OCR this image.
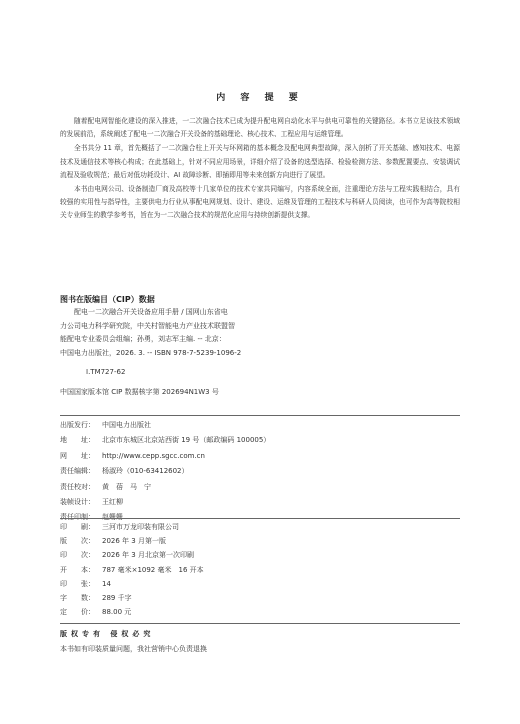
内 容 提 要

随着配电网智能化建设的深入推进，一二次融合技术已成为提升配电网自动化水平与供电可靠性的关键路径。本书立足该技术领域的发展前沿，系统阐述了配电一二次融合开关设备的基础理论、核心技术、工程应用与运维管理。

全书共分 11 章，首先概括了一二次融合柱上开关与环网箱的基本概念及配电网典型故障，深入剖析了开关基础、感知技术、电源技术及通信技术等核心构成；在此基础上，针对不同应用场景，详细介绍了设备的选型选择、检验检测方法、参数配置要点、安装调试流程及验收规范；最后对低功耗设计、AI 故障诊断、即插即用等未来创新方向进行了展望。

本书由电网公司、设备制造厂商及高校等十几家单位的技术专家共同编写，内容系统全面，注重理论方法与工程实践相结合，具有较强的实用性与指导性，主要供电力行业从事配电网规划、设计、建设、运维及管理的工程技术与科研人员阅读，也可作为高等院校相关专业师生的教学参考书，旨在为一二次融合技术的规范化应用与持续创新提供支撑。

图书在版编目（CIP）数据
配电一二次融合开关设备应用手册 / 国网山东省电
力公司电力科学研究院，中关村智能电力产业技术联盟智
能配电专业委员会组编；孙勇，刘志军主编. -- 北京：
中国电力出版社，2026. 3. -- ISBN 978-7-5239-1096-2
Ⅰ.TM727-62
中国国家版本馆 CIP 数据核字第 202694N1W3 号
出版发行：	中国电力出版社
地　　址：	北京市东城区北京站西街 19 号（邮政编码 100005）
网　　址：	http://www.cepp.sgcc.com.cn
责任编辑：	杨淑玲（010-63412602）
责任校对：	黄　蓓　马　宁
装帧设计：	王红柳
责任印制：	赵姗姗
印　　刷：	三河市万龙印装有限公司
版　　次：	2026 年 3 月第一版
印　　次：	2026 年 3 月北京第一次印刷
开　　本：	787 毫米×1092 毫米　16 开本
印　　张：	14
字　　数：	289 千字
定　　价：	88.00 元
版权专有 侵权必究
本书如有印装质量问题，我社营销中心负责退换
